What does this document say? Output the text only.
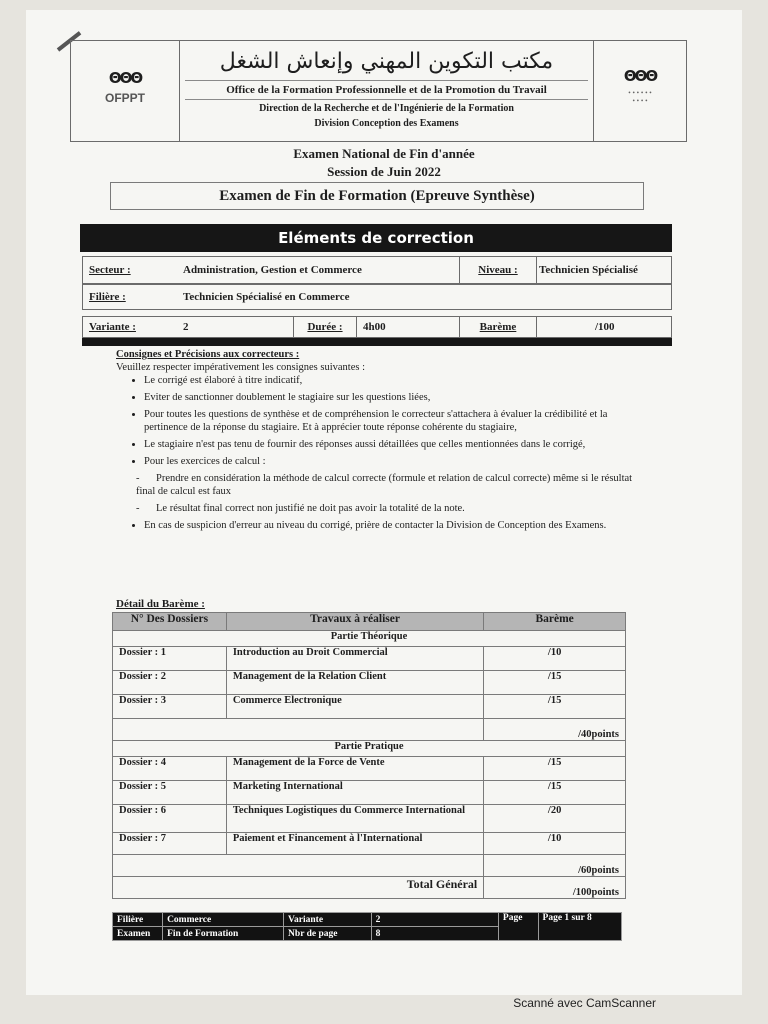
ΘΘΘ
OFPPT
مكتب التكوين المهني وإنعاش الشغل
Office de la Formation Professionnelle et de la Promotion du Travail
Direction de la Recherche et de l'Ingénierie de la Formation
Division Conception des Examens
ΘΘΘ
• • • • • •
• • • •
Examen National de Fin d'année
Session de Juin 2022
Examen de Fin de Formation (Epreuve Synthèse)
Eléments de correction
Secteur :	Administration, Gestion et Commerce	Niveau : Technicien Spécialisé
Filière :	Technicien Spécialisé en Commerce
Variante :	2	Durée : 4h00	Barème	/100
Consignes et Précisions aux correcteurs :
Veuillez respecter impérativement les consignes suivantes :
• Le corrigé est élaboré à titre indicatif,
• Eviter de sanctionner doublement le stagiaire sur les questions liées,
• Pour toutes les questions de synthèse et de compréhension le correcteur s'attachera à évaluer la crédibilité et la pertinence de la réponse du stagiaire. Et à apprécier toute réponse cohérente du stagiaire,
• Le stagiaire n'est pas tenu de fournir des réponses aussi détaillées que celles mentionnées dans le corrigé,
• Pour les exercices de calcul :
- Prendre en considération la méthode de calcul correcte (formule et relation de calcul correcte) même si le résultat final de calcul est faux
- Le résultat final correct non justifié ne doit pas avoir la totalité de la note.
• En cas de suspicion d'erreur au niveau du corrigé, prière de contacter la Division de Conception des Examens.
Détail du Barème :
N° Des Dossiers	Travaux à réaliser	Barème
Partie Théorique		
Dossier : 1	Introduction au Droit Commercial	/10
Dossier : 2	Management de la Relation Client	/15
Dossier : 3	Commerce Electronique	/15
		/40points
Partie Pratique		
Dossier : 4	Management de la Force de Vente	/15
Dossier : 5	Marketing International	/15
Dossier : 6	Techniques Logistiques du Commerce International	/20
Dossier : 7	Paiement et Financement à l'International	/10
		/60points
Total Général		/100points
Filière	Commerce	Variante	2	Page	Page 1 sur 8
Examen	Fin de Formation	Nbr de page	8		
Scanné avec CamScanner
